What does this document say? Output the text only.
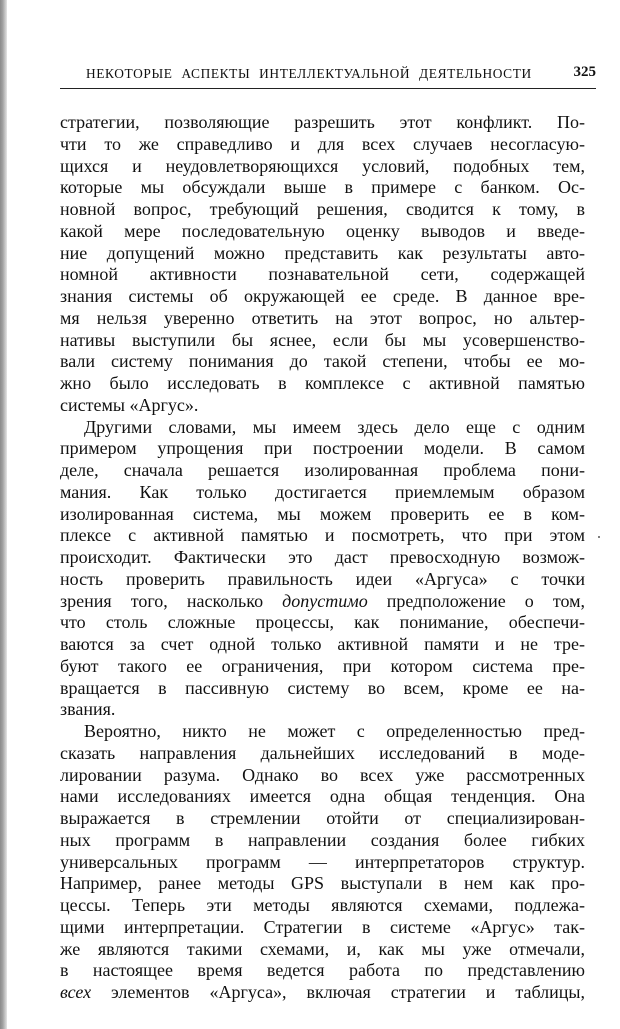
НЕКОТОРЫЕ АСПЕКТЫ ИНТЕЛЛЕКТУАЛЬНОЙ ДЕЯТЕЛЬНОСТИ	325
стратегии, позволяющие разрешить этот конфликт. По-
чти то же справедливо и для всех случаев несогласую-
щихся и неудовлетворяющихся условий, подобных тем,
которые мы обсуждали выше в примере с банком. Ос-
новной вопрос, требующий решения, сводится к тому, в
какой мере последовательную оценку выводов и введе-
ние допущений можно представить как результаты авто-
номной активности познавательной сети, содержащей
знания системы об окружающей ее среде. В данное вре-
мя нельзя уверенно ответить на этот вопрос, но альтер-
нативы выступили бы яснее, если бы мы усовершенство-
вали систему понимания до такой степени, чтобы ее мо-
жно было исследовать в комплексе с активной памятью
системы «Аргус».
Другими словами, мы имеем здесь дело еще с одним
примером упрощения при построении модели. В самом
деле, сначала решается изолированная проблема пони-
мания. Как только достигается приемлемым образом
изолированная система, мы можем проверить ее в ком-
плексе с активной памятью и посмотреть, что при этом
происходит. Фактически это даст превосходную возмож-
ность проверить правильность идеи «Аргуса» с точки
зрения того, насколько допустимо предположение о том,
что столь сложные процессы, как понимание, обеспечи-
ваются за счет одной только активной памяти и не тре-
буют такого ее ограничения, при котором система пре-
вращается в пассивную систему во всем, кроме ее на-
звания.
Вероятно, никто не может с определенностью пред-
сказать направления дальнейших исследований в моде-
лировании разума. Однако во всех уже рассмотренных
нами исследованиях имеется одна общая тенденция. Она
выражается в стремлении отойти от специализирован-
ных программ в направлении создания более гибких
универсальных программ — интерпретаторов структур.
Например, ранее методы GPS выступали в нем как про-
цессы. Теперь эти методы являются схемами, подлежа-
щими интерпретации. Стратегии в системе «Аргус» так-
же являются такими схемами, и, как мы уже отмечали,
в настоящее время ведется работа по представлению
всех элементов «Аргуса», включая стратегии и таблицы,
